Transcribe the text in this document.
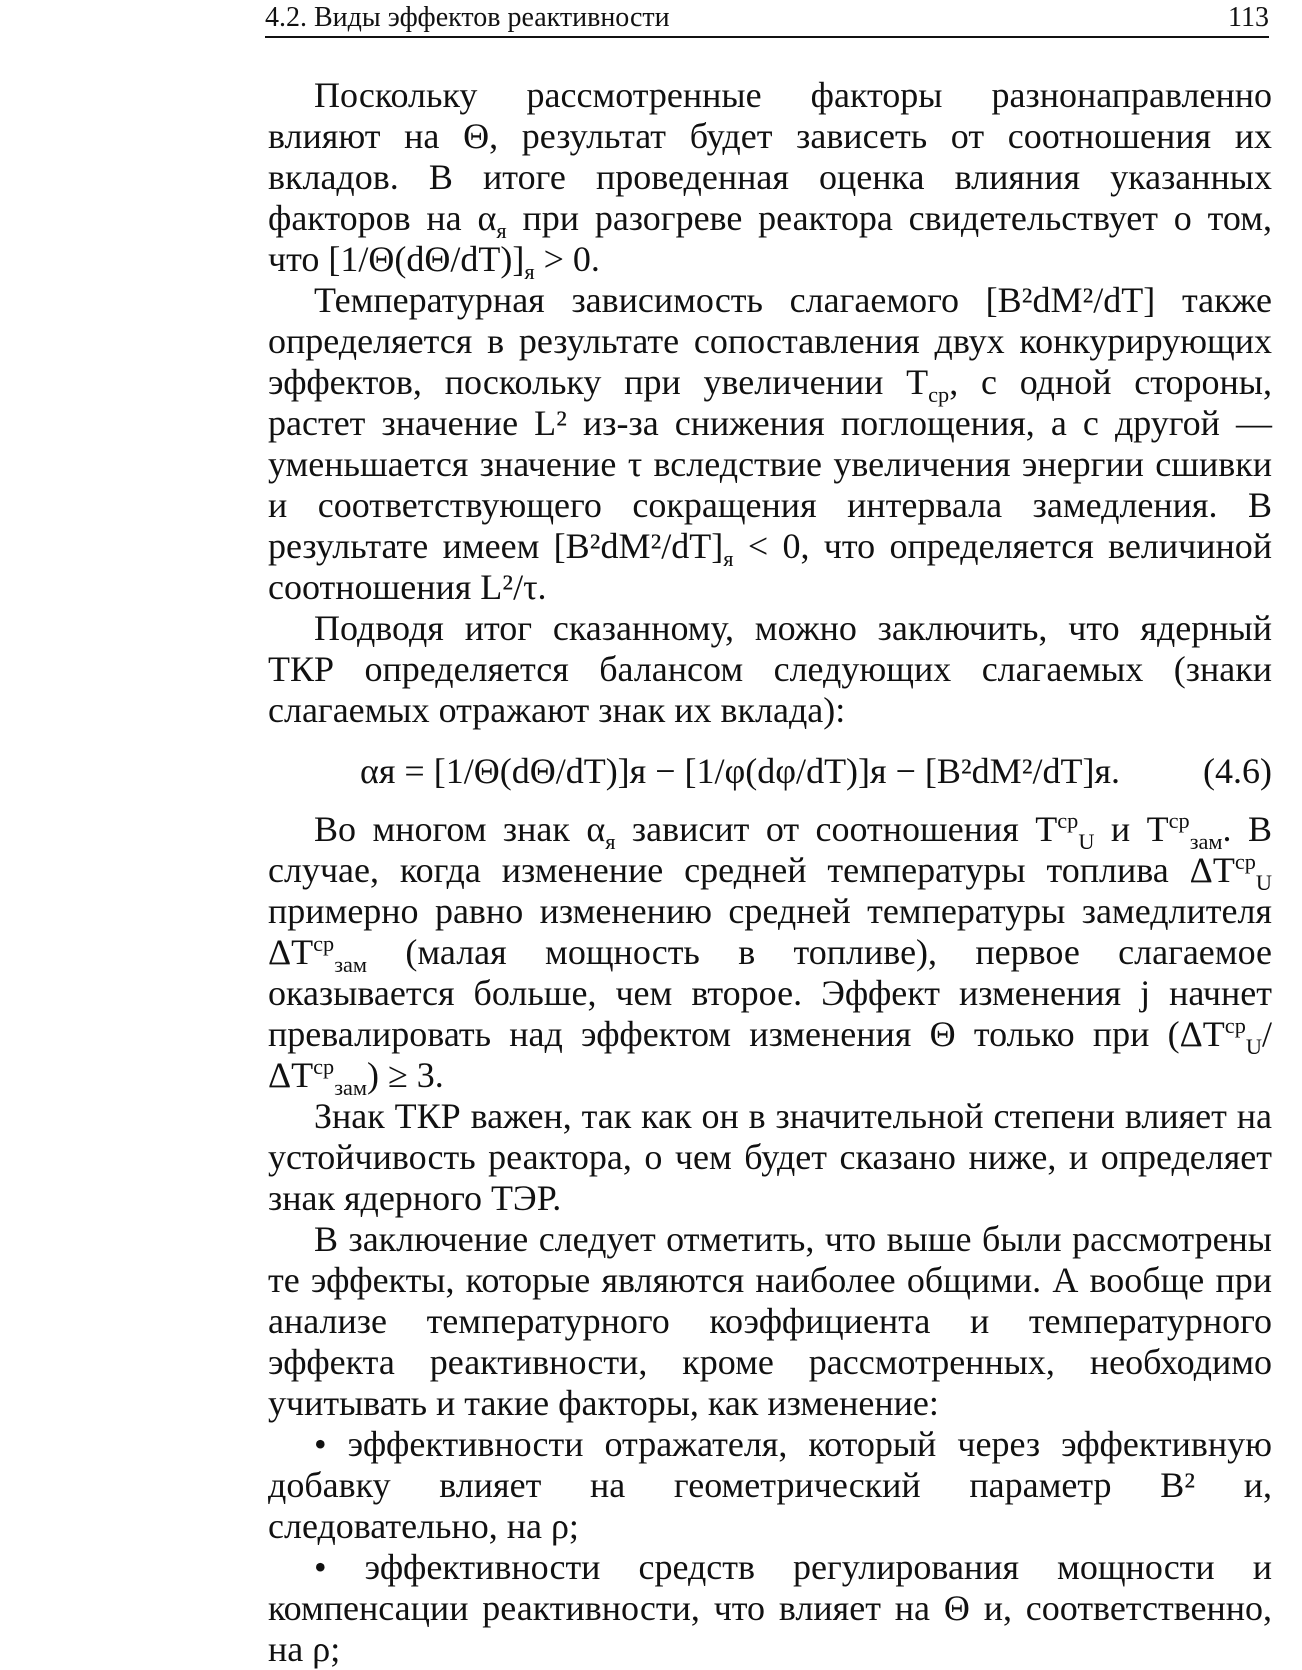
4.2. Виды эффектов реактивности	113

Поскольку рассмотренные факторы разнонаправленно влияют на Θ, результат будет зависеть от соотношения их вкладов. В итоге проведенная оценка влияния указанных факторов на $\alpha_я$ при разогреве реактора свидетельствует о том, что $[1/\Theta(d\Theta/dT)]_я > 0$.

Температурная зависимость слагаемого [B²dM²/dT] также определяется в результате сопоставления двух конкурирующих эффектов, поскольку при увеличении $T_{ср}$, с одной стороны, растет значение L² из-за снижения поглощения, а с другой — уменьшается значение τ вследствие увеличения энергии сшивки и соответствующего сокращения интервала замедления. В результате имеем $[B^2dM^2/dT]_я < 0$, что определяется величиной соотношения L²/τ.

Подводя итог сказанному, можно заключить, что ядерный ТКР определяется балансом следующих слагаемых (знаки слагаемых отражают знак их вклада):

αя = [1/Θ(dΘ/dT)]я − [1/φ(dφ/dT)]я − [B²dM²/dT]я. (4.6)

Во многом знак $\alpha_я$ зависит от соотношения $T^{ср}_U$ и $T^{ср}_{зам}$. В случае, когда изменение средней температуры топлива $\Delta T^{ср}_U$ примерно равно изменению средней температуры замедлителя $\Delta T^{ср}_{зам}$ (малая мощность в топливе), первое слагаемое оказывается больше, чем второе. Эффект изменения j начнет превалировать над эффектом изменения Θ только при $(\Delta T^{ср}_U/\Delta T^{ср}_{зам}) \ge 3$.

Знак ТКР важен, так как он в значительной степени влияет на устойчивость реактора, о чем будет сказано ниже, и определяет знак ядерного ТЭР.

В заключение следует отметить, что выше были рассмотрены те эффекты, которые являются наиболее общими. А вообще при анализе температурного коэффициента и температурного эффекта реактивности, кроме рассмотренных, необходимо учитывать и такие факторы, как изменение:

• эффективности отражателя, который через эффективную добавку влияет на геометрический параметр B² и, следовательно, на ρ;

• эффективности средств регулирования мощности и компенсации реактивности, что влияет на Θ и, соответственно, на ρ;
